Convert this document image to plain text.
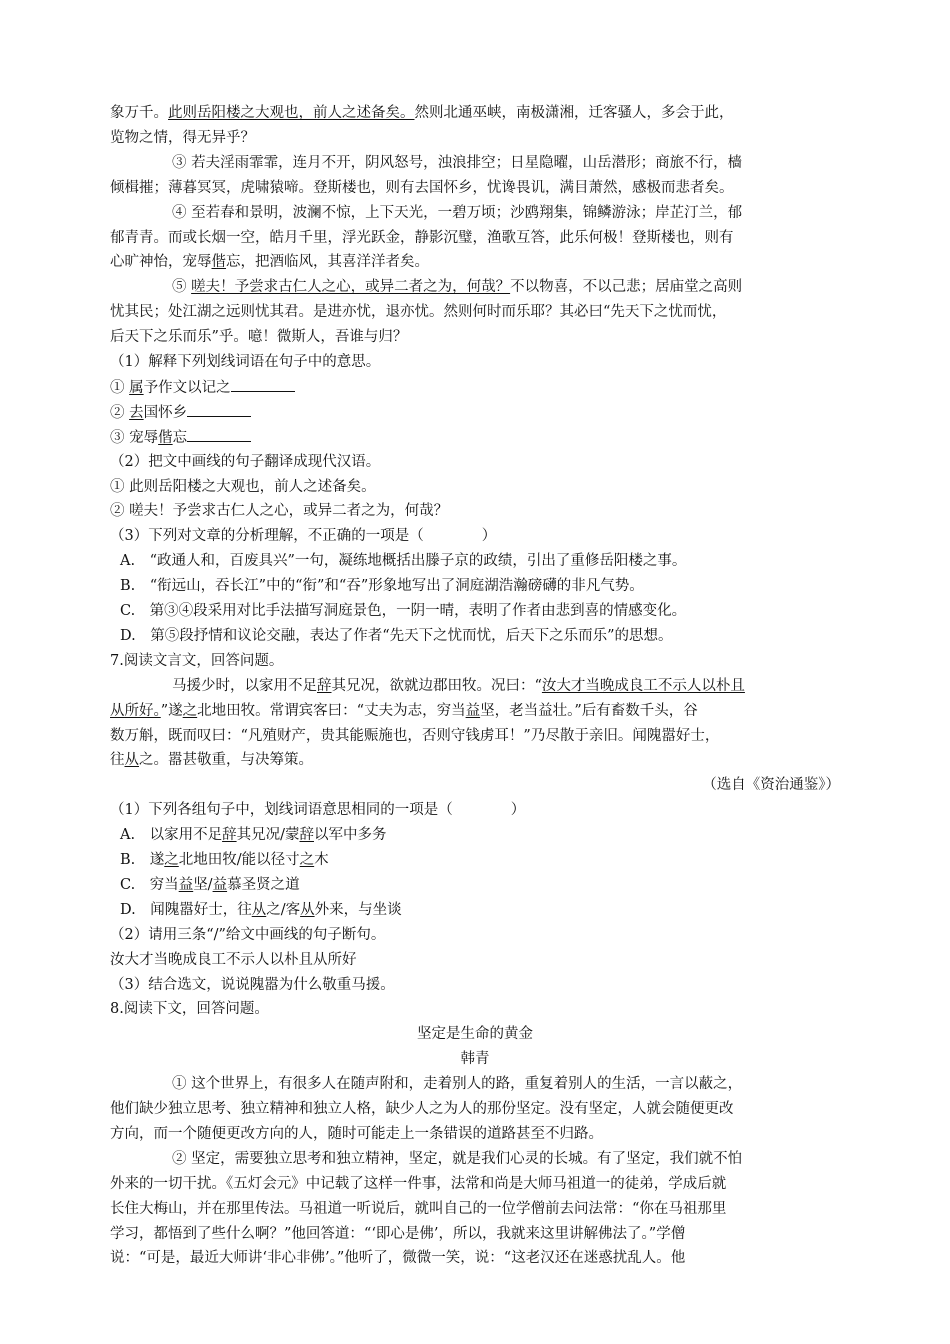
象万千。此则岳阳楼之大观也，前人之述备矣。然则北通巫峡，南极潇湘，迁客骚人，多会于此，
览物之情，得无异乎？
③ 若夫淫雨霏霏，连月不开，阴风怒号，浊浪排空；日星隐曜，山岳潜形；商旅不行，樯
倾楫摧；薄暮冥冥，虎啸猿啼。登斯楼也，则有去国怀乡，忧谗畏讥，满目萧然，感极而悲者矣。
④ 至若春和景明，波澜不惊，上下天光，一碧万顷；沙鸥翔集，锦鳞游泳；岸芷汀兰，郁
郁青青。而或长烟一空，皓月千里，浮光跃金，静影沉璧，渔歌互答，此乐何极！登斯楼也，则有
心旷神怡，宠辱偕忘，把酒临风，其喜洋洋者矣。
⑤ 嗟夫！予尝求古仁人之心，或异二者之为，何哉？不以物喜，不以己悲；居庙堂之高则
忧其民；处江湖之远则忧其君。是进亦忧，退亦忧。然则何时而乐耶？其必曰“先天下之忧而忧，
后天下之乐而乐”乎。噫！微斯人，吾谁与归？
（1）解释下列划线词语在句子中的意思。
① 属予作文以记之
② 去国怀乡
③ 宠辱偕忘
（2）把文中画线的句子翻译成现代汉语。
① 此则岳阳楼之大观也，前人之述备矣。
② 嗟夫！予尝求古仁人之心，或异二者之为，何哉？
（3）下列对文章的分析理解，不正确的一项是（　　　　）
A.　“政通人和，百废具兴”一句，凝练地概括出滕子京的政绩，引出了重修岳阳楼之事。
B.　“衔远山，吞长江”中的“衔”和“吞”形象地写出了洞庭湖浩瀚磅礴的非凡气势。
C.　第③④段采用对比手法描写洞庭景色，一阴一晴，表明了作者由悲到喜的情感变化。
D.　第⑤段抒情和议论交融，表达了作者“先天下之忧而忧，后天下之乐而乐”的思想。
7.阅读文言文，回答问题。
马援少时，以家用不足辞其兄况，欲就边郡田牧。况曰：“汝大才当晚成良工不示人以朴且
从所好。”遂之北地田牧。常谓宾客曰：“丈夫为志，穷当益坚，老当益壮。”后有畜数千头，谷
数万斛，既而叹曰：“凡殖财产，贵其能赈施也，否则守钱虏耳！”乃尽散于亲旧。闻隗嚣好士，
往从之。嚣甚敬重，与决筹策。
（选自《资治通鉴》）
（1）下列各组句子中，划线词语意思相同的一项是（　　　　）
A.　以家用不足辞其兄况/蒙辞以军中多务
B.　遂之北地田牧/能以径寸之木
C.　穷当益坚/益慕圣贤之道
D.　闻隗嚣好士，往从之/客从外来，与坐谈
（2）请用三条“/”给文中画线的句子断句。
汝大才当晚成良工不示人以朴且从所好
（3）结合选文，说说隗嚣为什么敬重马援。
8.阅读下文，回答问题。
坚定是生命的黄金
韩青
① 这个世界上，有很多人在随声附和，走着别人的路，重复着别人的生活，一言以蔽之，
他们缺少独立思考、独立精神和独立人格，缺少人之为人的那份坚定。没有坚定，人就会随便更改
方向，而一个随便更改方向的人，随时可能走上一条错误的道路甚至不归路。
② 坚定，需要独立思考和独立精神，坚定，就是我们心灵的长城。有了坚定，我们就不怕
外来的一切干扰。《五灯会元》中记载了这样一件事，法常和尚是大师马祖道一的徒弟，学成后就
长住大梅山，并在那里传法。马祖道一听说后，就叫自己的一位学僧前去问法常：“你在马祖那里
学习，都悟到了些什么啊？”他回答道：“‘即心是佛’，所以，我就来这里讲解佛法了。”学僧
说：“可是，最近大师讲‘非心非佛’。”他听了，微微一笑，说：“这老汉还在迷惑扰乱人。他
